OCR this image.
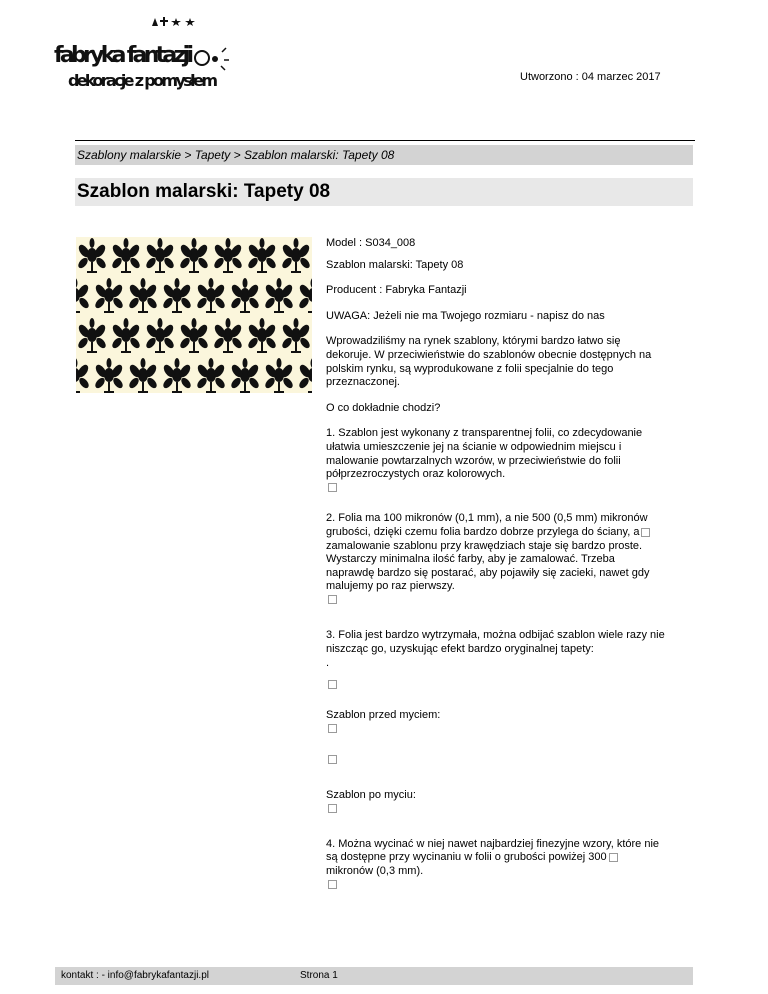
fabryka fantazji
dekoracje z pomysłem	Utworzono : 04 marzec 2017
Szablony malarskie > Tapety > Szablon malarski: Tapety 08
Szablon malarski: Tapety 08

Model : S034_008

Szablon malarski: Tapety 08

Producent : Fabryka Fantazji

UWAGA: Jeżeli nie ma Twojego rozmiaru - napisz do nas

Wprowadziliśmy na rynek szablony, którymi bardzo łatwo się dekoruje. W przeciwieństwie do szablonów obecnie dostępnych na polskim rynku, są wyprodukowane z folii specjalnie do tego przeznaczonej.

O co dokładnie chodzi?

1. Szablon jest wykonany z transparentnej folii, co zdecydowanie ułatwia umieszczenie jej na ścianie w odpowiednim miejscu i malowanie powtarzalnych wzorów, w przeciwieństwie do folii półprzezroczystych oraz kolorowych.

2. Folia ma 100 mikronów (0,1 mm), a nie 500 (0,5 mm) mikronów grubości, dzięki czemu folia bardzo dobrze przylega do ściany, a zamalowanie szablonu przy krawędziach staje się bardzo proste. Wystarczy minimalna ilość farby, aby je zamalować. Trzeba naprawdę bardzo się postarać, aby pojawiły się zacieki, nawet gdy malujemy po raz pierwszy.

3. Folia jest bardzo wytrzymała, można odbijać szablon wiele razy nie niszcząc go, uzyskując efekt bardzo oryginalnej tapety:
.

Szablon przed myciem:

Szablon po myciu:

4. Można wycinać w niej nawet najbardziej finezyjne wzory, które nie są dostępne przy wycinaniu w folii o grubości powiżej 300 mikronów (0,3 mm).

kontakt : - info@fabrykafantazji.pl	Strona 1
